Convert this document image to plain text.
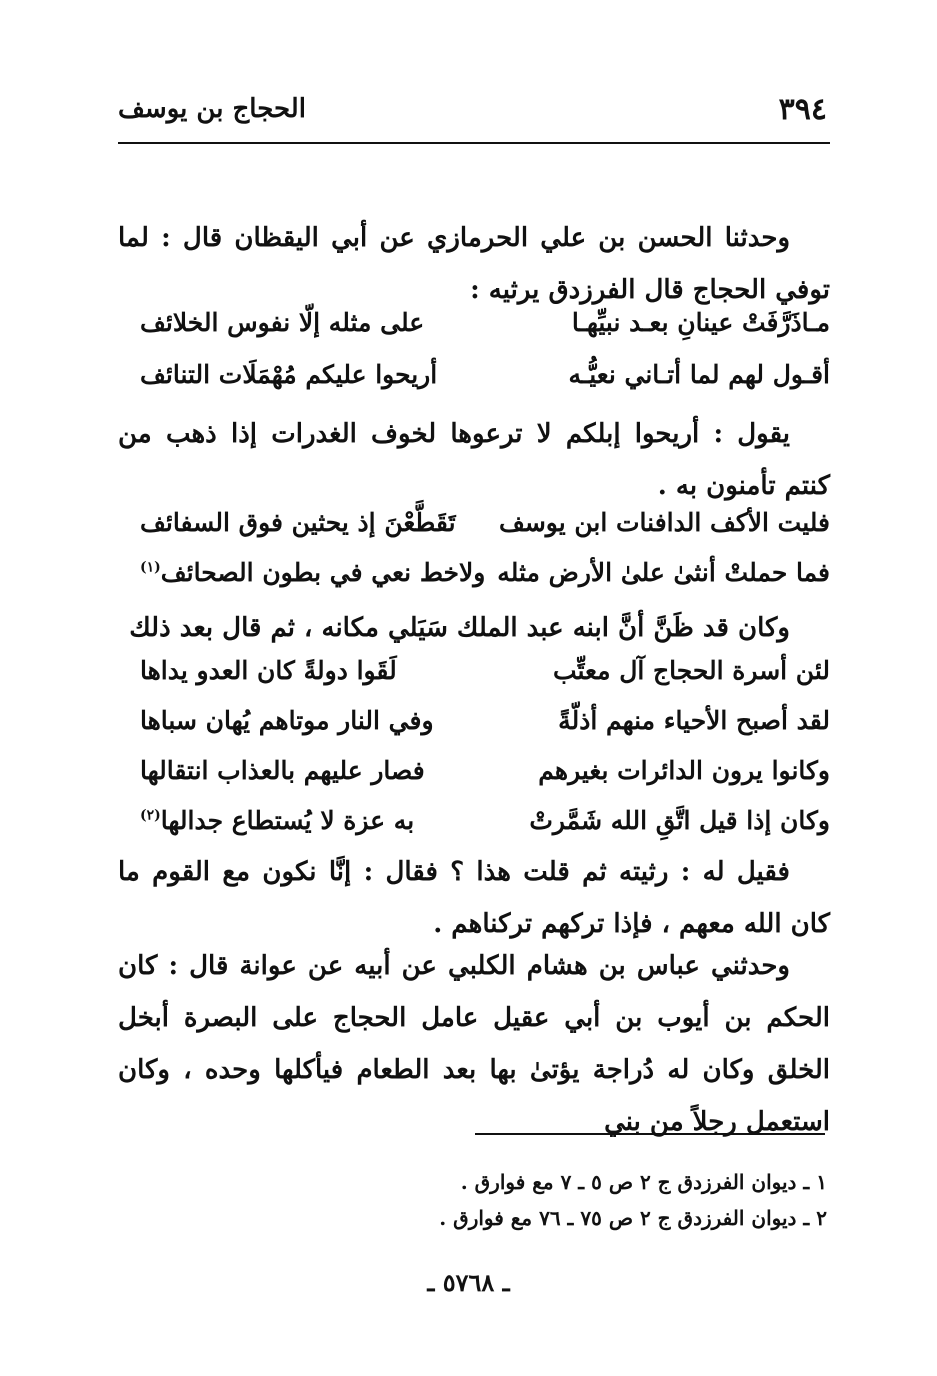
٣٩٤
الحجاج بن يوسف
وحدثنا الحسن بن علي الحرمازي عن أبي اليقظان قال : لما توفي الحجاج قال الفرزدق يرثيه :
مـاذَرَّفَتْ عينانِ بعـد نبيِّهـا
على مثله إلّا نفوس الخلائف
أقـول لهم لما أتـاني نعيُّـه
أريحوا عليكم مُهْمَلَات التنائف
يقول : أريحوا إبلكم لا ترعوها لخوف الغدرات إذا ذهب من كنتم تأمنون به .
فليت الأكف الدافنات ابن يوسف
تَقَطَّعْنَ إذ يحثين فوق السفائف
فما حملتْ أنثىٰ علىٰ الأرض مثله
ولاخط نعي في بطون الصحائف$^{(١)}$
وكان قد ظَنَّ أنَّ ابنه عبد الملك سَيَلي مكانه ، ثم قال بعد ذلك
لئن أسرة الحجاج آل معتِّب
لَقَوا دولةً كان العدو يداها
لقد أصبح الأحياء منهم أذلّةً
وفي النار موتاهم يُهان سباها
وكانوا يرون الدائرات بغيرهم
فصار عليهم بالعذاب انتقالها
وكان إذا قيل اتَّقِ الله شَمَّرتْ
به عزة لا يُستطاع جدالها$^{(٢)}$
فقيل له : رثيته ثم قلت هذا ؟ فقال : إنَّا نكون مع القوم ما كان الله معهم ، فإذا تركهم تركناهم .
وحدثني عباس بن هشام الكلبي عن أبيه عن عوانة قال : كان الحكم بن أيوب بن أبي عقيل عامل الحجاج على البصرة أبخل الخلق وكان له دُراجة يؤتىٰ بها بعد الطعام فيأكلها وحده ، وكان استعمل رجلاً من بني
١ ـ ديوان الفرزدق ج ٢ ص ٥ ـ ٧ مع فوارق .
٢ ـ ديوان الفرزدق ج ٢ ص ٧٥ ـ ٧٦ مع فوارق .
ـ ٥٧٦٨ ـ
